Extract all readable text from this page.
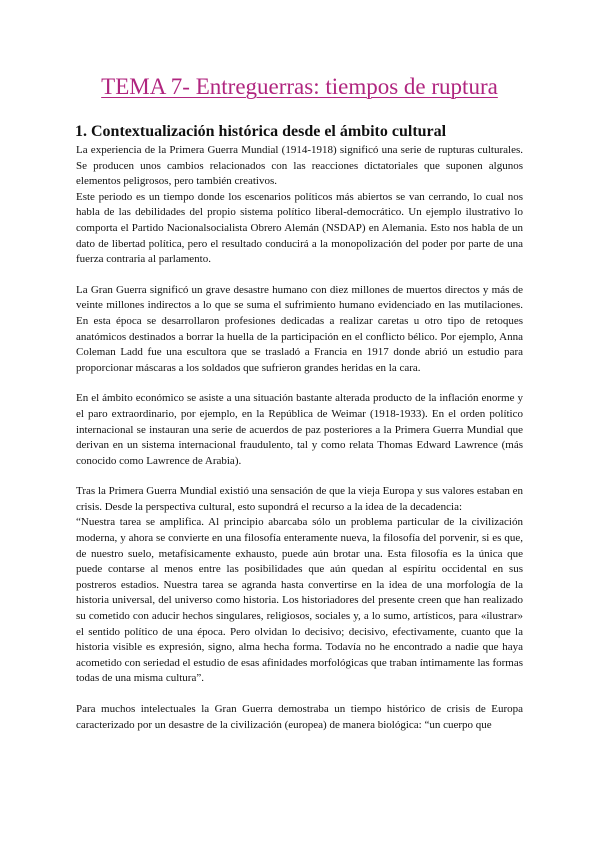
TEMA 7- Entreguerras: tiempos de ruptura
1. Contextualización histórica desde el ámbito cultural

La experiencia de la Primera Guerra Mundial (1914-1918) significó una serie de rupturas culturales. Se producen unos cambios relacionados con las reacciones dictatoriales que suponen algunos elementos peligrosos, pero también creativos.

Este periodo es un tiempo donde los escenarios políticos más abiertos se van cerrando, lo cual nos habla de las debilidades del propio sistema político liberal-democrático. Un ejemplo ilustrativo lo comporta el Partido Nacionalsocialista Obrero Alemán (NSDAP) en Alemania. Esto nos habla de un dato de libertad política, pero el resultado conducirá a la monopolización del poder por parte de una fuerza contraria al parlamento.

La Gran Guerra significó un grave desastre humano con diez millones de muertos directos y más de veinte millones indirectos a lo que se suma el sufrimiento humano evidenciado en las mutilaciones. En esta época se desarrollaron profesiones dedicadas a realizar caretas u otro tipo de retoques anatómicos destinados a borrar la huella de la participación en el conflicto bélico. Por ejemplo, Anna Coleman Ladd fue una escultora que se trasladó a Francia en 1917 donde abrió un estudio para proporcionar máscaras a los soldados que sufrieron grandes heridas en la cara.

En el ámbito económico se asiste a una situación bastante alterada producto de la inflación enorme y el paro extraordinario, por ejemplo, en la República de Weimar (1918-1933). En el orden político internacional se instauran una serie de acuerdos de paz posteriores a la Primera Guerra Mundial que derivan en un sistema internacional fraudulento, tal y como relata Thomas Edward Lawrence (más conocido como Lawrence de Arabia).

Tras la Primera Guerra Mundial existió una sensación de que la vieja Europa y sus valores estaban en crisis. Desde la perspectiva cultural, esto supondrá el recurso a la idea de la decadencia:

“Nuestra tarea se amplifica. Al principio abarcaba sólo un problema particular de la civilización moderna, y ahora se convierte en una filosofía enteramente nueva, la filosofía del porvenir, si es que, de nuestro suelo, metafísicamente exhausto, puede aún brotar una. Esta filosofía es la única que puede contarse al menos entre las posibilidades que aún quedan al espíritu occidental en sus postreros estadios. Nuestra tarea se agranda hasta convertirse en la idea de una morfología de la historia universal, del universo como historia. Los historiadores del presente creen que han realizado su cometido con aducir hechos singulares, religiosos, sociales y, a lo sumo, artísticos, para «ilustrar» el sentido político de una época. Pero olvidan lo decisivo; decisivo, efectivamente, cuanto que la historia visible es expresión, signo, alma hecha forma. Todavía no he encontrado a nadie que haya acometido con seriedad el estudio de esas afinidades morfológicas que traban íntimamente las formas todas de una misma cultura”.

Para muchos intelectuales la Gran Guerra demostraba un tiempo histórico de crisis de Europa caracterizado por un desastre de la civilización (europea) de manera biológica: “un cuerpo que
